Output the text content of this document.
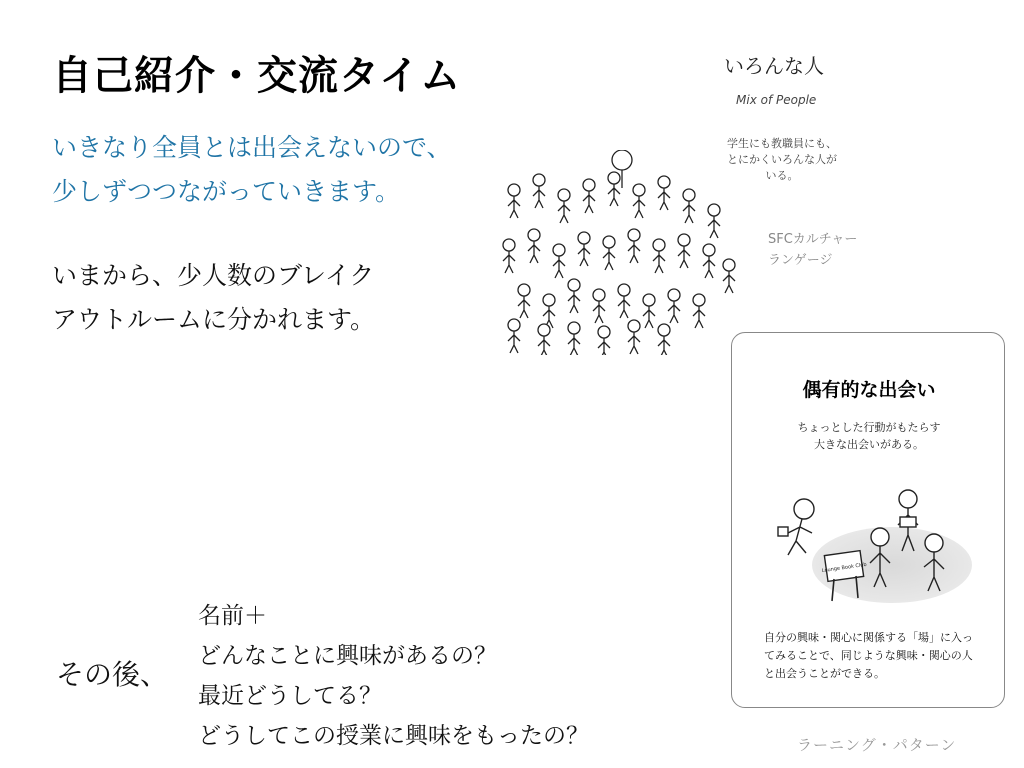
自己紹介・交流タイム
いきなり全員とは出会えないので、
少しずつつながっていきます。
いまから、少人数のブレイク
アウトルームに分かれます。
その後、
名前＋
どんなことに興味があるの？
最近どうしてる？
どうしてこの授業に興味をもったの？
いろんな人
Mix of People
学生にも教職員にも、
とにかくいろんな人がいる。
SFCカルチャー
ランゲージ
偶有的な出会い
ちょっとした行動がもたらす
大きな出会いがある。
Lounge Book Club
自分の興味・関心に関係する「場」に入っ
てみることで、同じような興味・関心の人
と出会うことができる。
ラーニング・パターン
